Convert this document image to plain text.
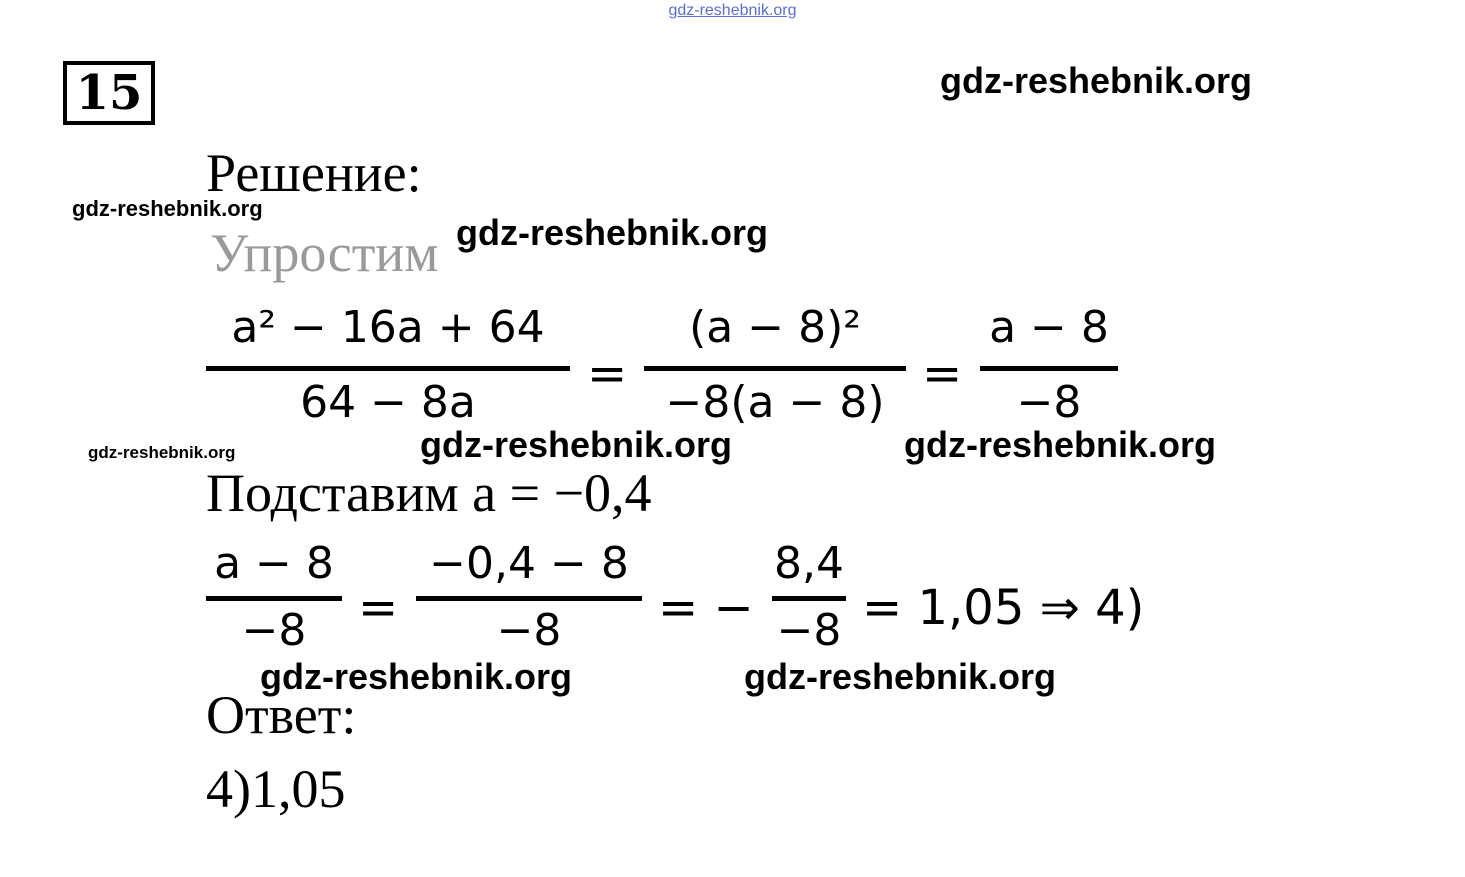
gdz-reshebnik.org
15	gdz-reshebnik.org
Решение:
gdz-reshebnik.org
Упростим gdz-reshebnik.org
a² − 16a + 64
64 − 8a
=
(a − 8)²
−8(a − 8)
=
a − 8
−8
gdz-reshebnik.org	gdz-reshebnik.org	gdz-reshebnik.org
Подставим a = −0,4
a − 8
−8 =
−0,4 − 8
−8 = −
8,4
−8 = 1,05 ⇒ 4)
gdz-reshebnik.org	gdz-reshebnik.org
Ответ:
4)1,05
